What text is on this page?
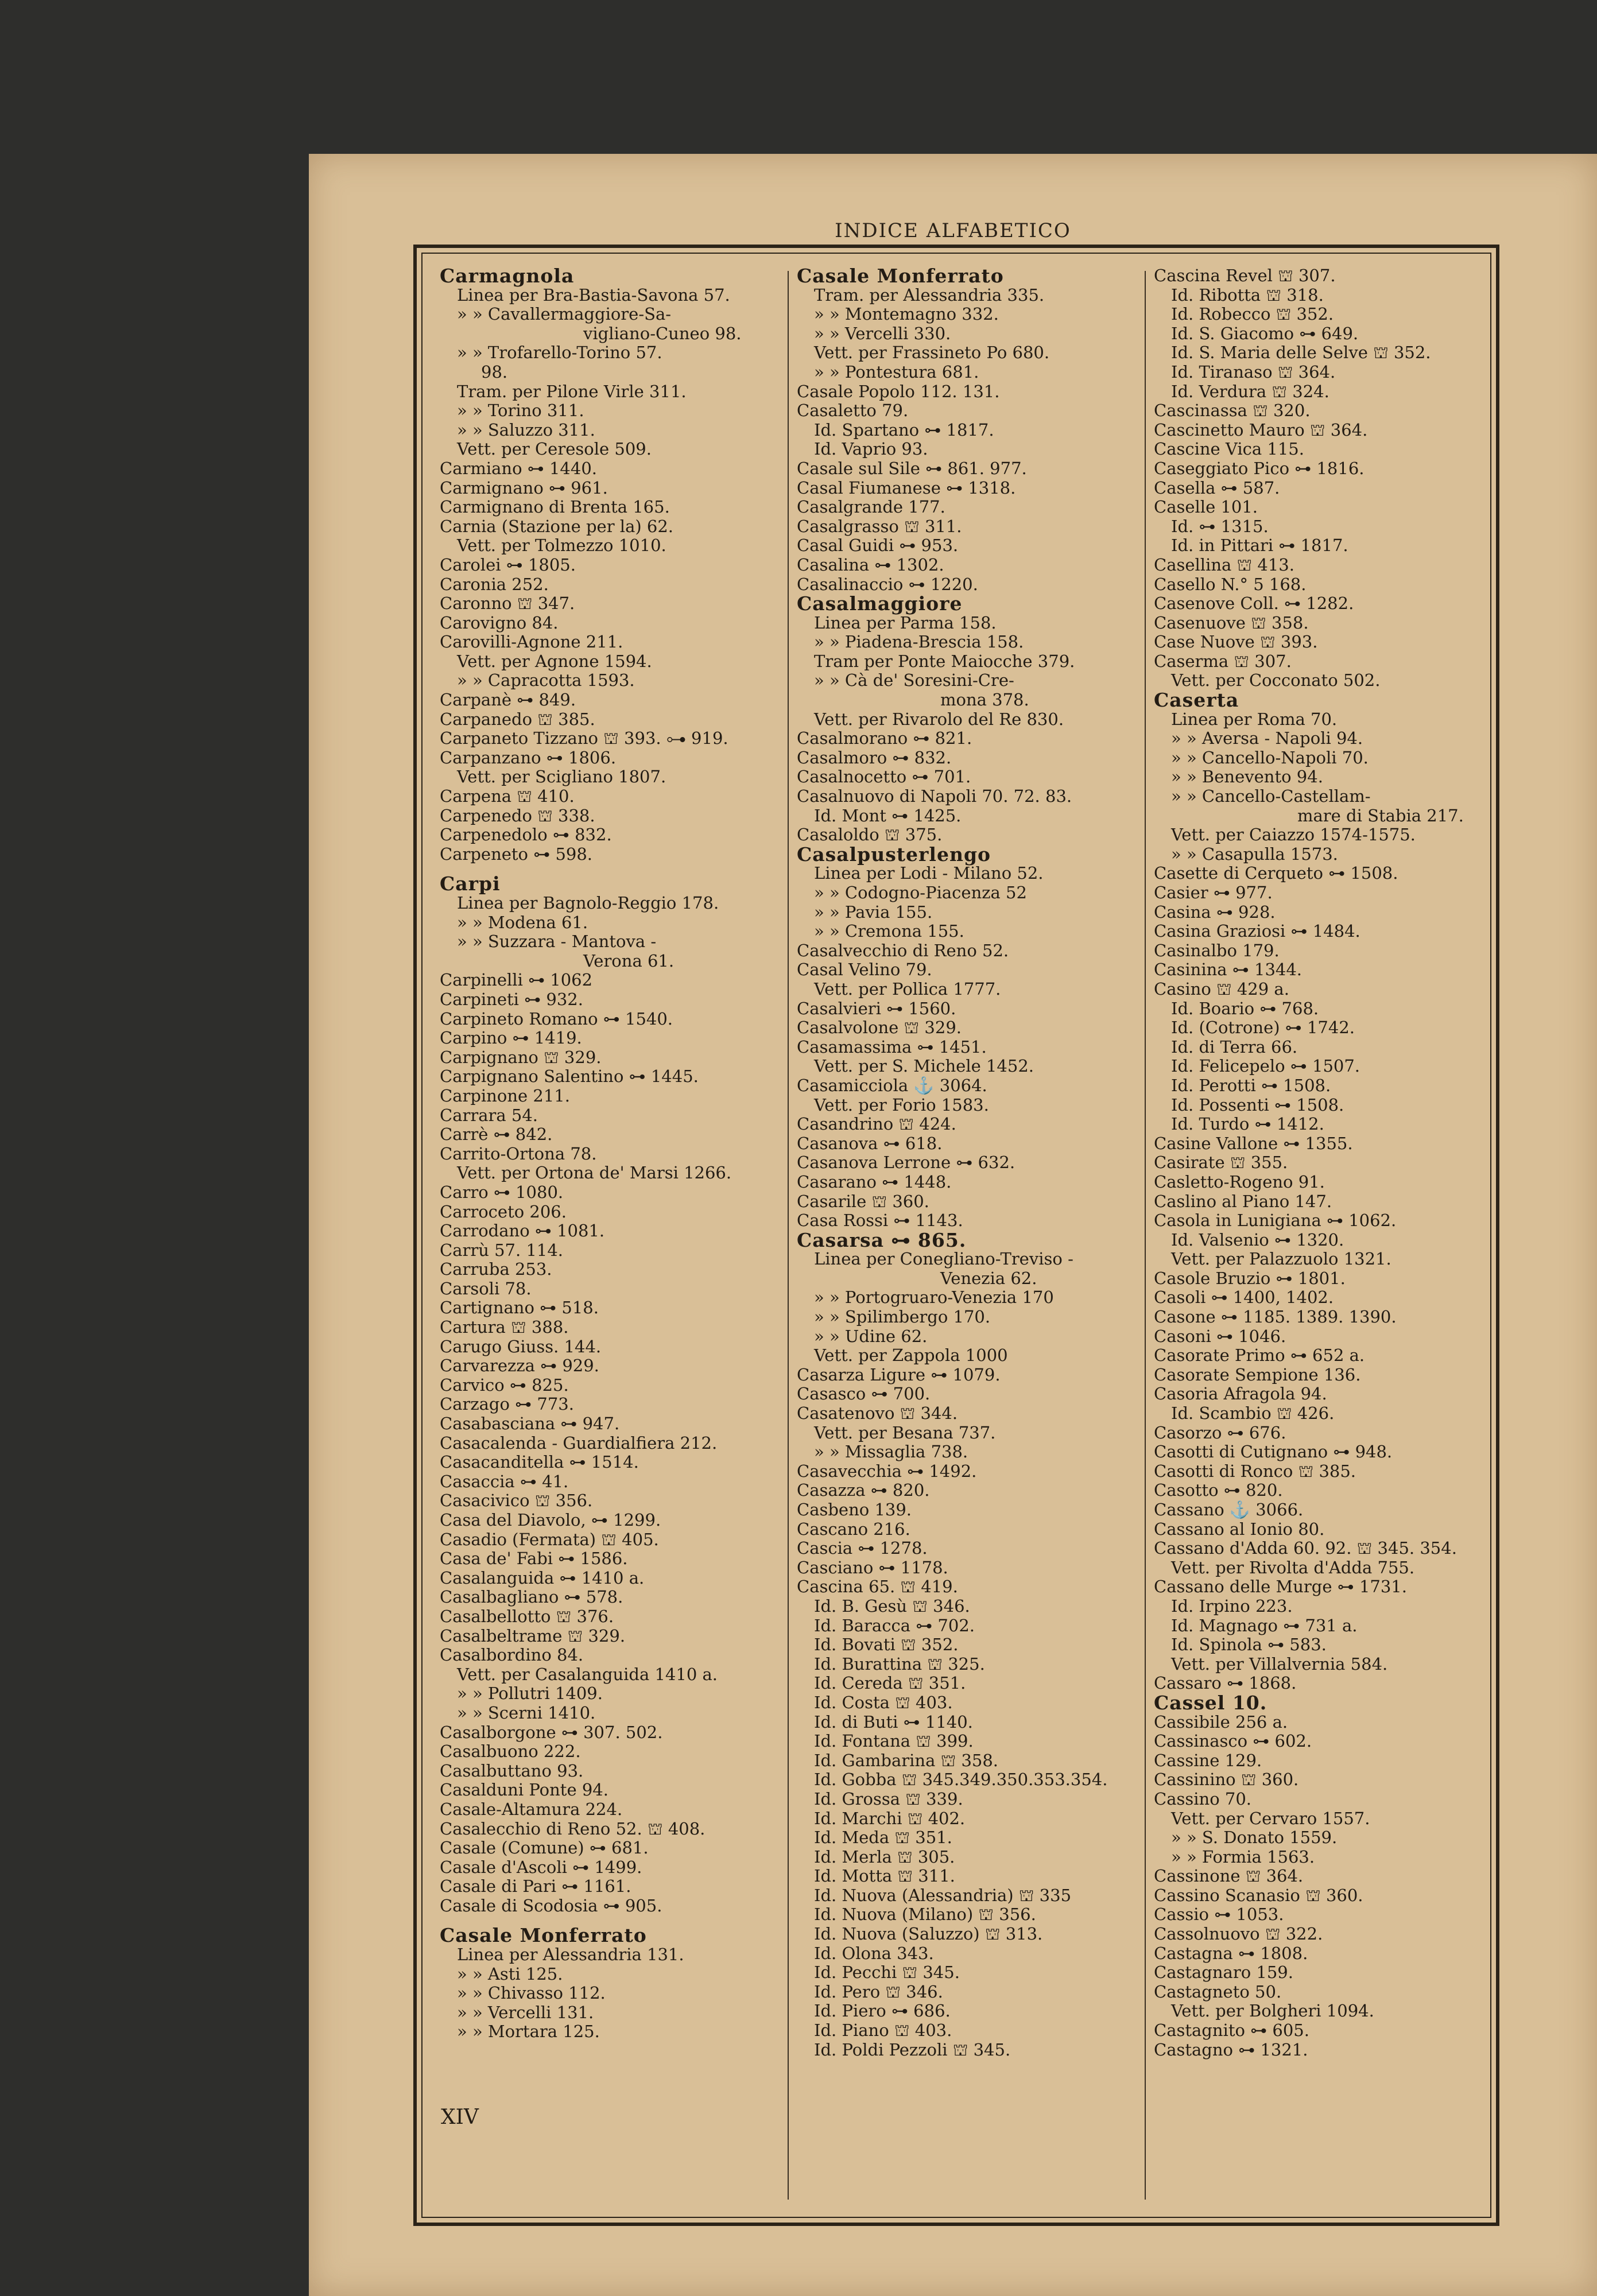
INDICE ALFABETICO
Carmagnola
Linea per Bra-Bastia-Savona 57.
» » Cavallermaggiore-Sa-
vigliano-Cuneo 98.
» » Trofarello-Torino 57.
98.
Tram. per Pilone Virle 311.
» » Torino 311.
» » Saluzzo 311.
Vett. per Ceresole 509.
Carmiano ⊶ 1440.
Carmignano ⊶ 961.
Carmignano di Brenta 165.
Carnia (Stazione per la) 62.
Vett. per Tolmezzo 1010.
Carolei ⊶ 1805.
Caronia 252.
Caronno ⛫ 347.
Carovigno 84.
Carovilli-Agnone 211.
Vett. per Agnone 1594.
» » Capracotta 1593.
Carpanè ⊶ 849.
Carpanedo ⛫ 385.
Carpaneto Tizzano ⛫ 393. ⊶ 919.
Carpanzano ⊶ 1806.
Vett. per Scigliano 1807.
Carpena ⛫ 410.
Carpenedo ⛫ 338.
Carpenedolo ⊶ 832.
Carpeneto ⊶ 598.
Carpi
Linea per Bagnolo-Reggio 178.
» » Modena 61.
» » Suzzara - Mantova -
Verona 61.
Carpinelli ⊶ 1062
Carpineti ⊶ 932.
Carpineto Romano ⊶ 1540.
Carpino ⊶ 1419.
Carpignano ⛫ 329.
Carpignano Salentino ⊶ 1445.
Carpinone 211.
Carrara 54.
Carrè ⊶ 842.
Carrito-Ortona 78.
Vett. per Ortona de' Marsi 1266.
Carro ⊶ 1080.
Carroceto 206.
Carrodano ⊶ 1081.
Carrù 57. 114.
Carruba 253.
Carsoli 78.
Cartignano ⊶ 518.
Cartura ⛫ 388.
Carugo Giuss. 144.
Carvarezza ⊶ 929.
Carvico ⊶ 825.
Carzago ⊶ 773.
Casabasciana ⊶ 947.
Casacalenda - Guardialfiera 212.
Casacanditella ⊶ 1514.
Casaccia ⊶ 41.
Casacivico ⛫ 356.
Casa del Diavolo, ⊶ 1299.
Casadio (Fermata) ⛫ 405.
Casa de' Fabi ⊶ 1586.
Casalanguida ⊶ 1410 a.
Casalbagliano ⊶ 578.
Casalbellotto ⛫ 376.
Casalbeltrame ⛫ 329.
Casalbordino 84.
Vett. per Casalanguida 1410 a.
» » Pollutri 1409.
» » Scerni 1410.
Casalborgone ⊶ 307. 502.
Casalbuono 222.
Casalbuttano 93.
Casalduni Ponte 94.
Casale-Altamura 224.
Casalecchio di Reno 52. ⛫ 408.
Casale (Comune) ⊶ 681.
Casale d'Ascoli ⊶ 1499.
Casale di Pari ⊶ 1161.
Casale di Scodosia ⊶ 905.
Casale Monferrato
Linea per Alessandria 131.
» » Asti 125.
» » Chivasso 112.
» » Vercelli 131.
» » Mortara 125.
Casale Monferrato
Tram. per Alessandria 335.
» » Montemagno 332.
» » Vercelli 330.
Vett. per Frassineto Po 680.
» » Pontestura 681.
Casale Popolo 112. 131.
Casaletto 79.
Id. Spartano ⊶ 1817.
Id. Vaprio 93.
Casale sul Sile ⊶ 861. 977.
Casal Fiumanese ⊶ 1318.
Casalgrande 177.
Casalgrasso ⛫ 311.
Casal Guidi ⊶ 953.
Casalina ⊶ 1302.
Casalinaccio ⊶ 1220.
Casalmaggiore
Linea per Parma 158.
» » Piadena-Brescia 158.
Tram per Ponte Maiocche 379.
» » Cà de' Soresini-Cre-
mona 378.
Vett. per Rivarolo del Re 830.
Casalmorano ⊶ 821.
Casalmoro ⊶ 832.
Casalnocetto ⊶ 701.
Casalnuovo di Napoli 70. 72. 83.
Id. Mont ⊶ 1425.
Casaloldo ⛫ 375.
Casalpusterlengo
Linea per Lodi - Milano 52.
» » Codogno-Piacenza 52
» » Pavia 155.
» » Cremona 155.
Casalvecchio di Reno 52.
Casal Velino 79.
Vett. per Pollica 1777.
Casalvieri ⊶ 1560.
Casalvolone ⛫ 329.
Casamassima ⊶ 1451.
Vett. per S. Michele 1452.
Casamicciola ⚓ 3064.
Vett. per Forio 1583.
Casandrino ⛫ 424.
Casanova ⊶ 618.
Casanova Lerrone ⊶ 632.
Casarano ⊶ 1448.
Casarile ⛫ 360.
Casa Rossi ⊶ 1143.
Casarsa ⊶ 865.
Linea per Conegliano-Treviso -
Venezia 62.
» » Portogruaro-Venezia 170
» » Spilimbergo 170.
» » Udine 62.
Vett. per Zappola 1000
Casarza Ligure ⊶ 1079.
Casasco ⊶ 700.
Casatenovo ⛫ 344.
Vett. per Besana 737.
» » Missaglia 738.
Casavecchia ⊶ 1492.
Casazza ⊶ 820.
Casbeno 139.
Cascano 216.
Cascia ⊶ 1278.
Casciano ⊶ 1178.
Cascina 65. ⛫ 419.
Id. B. Gesù ⛫ 346.
Id. Baracca ⊶ 702.
Id. Bovati ⛫ 352.
Id. Burattina ⛫ 325.
Id. Cereda ⛫ 351.
Id. Costa ⛫ 403.
Id. di Buti ⊶ 1140.
Id. Fontana ⛫ 399.
Id. Gambarina ⛫ 358.
Id. Gobba ⛫ 345.349.350.353.354.
Id. Grossa ⛫ 339.
Id. Marchi ⛫ 402.
Id. Meda ⛫ 351.
Id. Merla ⛫ 305.
Id. Motta ⛫ 311.
Id. Nuova (Alessandria) ⛫ 335
Id. Nuova (Milano) ⛫ 356.
Id. Nuova (Saluzzo) ⛫ 313.
Id. Olona 343.
Id. Pecchi ⛫ 345.
Id. Pero ⛫ 346.
Id. Piero ⊶ 686.
Id. Piano ⛫ 403.
Id. Poldi Pezzoli ⛫ 345.
Cascina Revel ⛫ 307.
Id. Ribotta ⛫ 318.
Id. Robecco ⛫ 352.
Id. S. Giacomo ⊶ 649.
Id. S. Maria delle Selve ⛫ 352.
Id. Tiranaso ⛫ 364.
Id. Verdura ⛫ 324.
Cascinassa ⛫ 320.
Cascinetto Mauro ⛫ 364.
Cascine Vica 115.
Caseggiato Pico ⊶ 1816.
Casella ⊶ 587.
Caselle 101.
Id. ⊶ 1315.
Id. in Pittari ⊶ 1817.
Casellina ⛫ 413.
Casello N.° 5 168.
Casenove Coll. ⊶ 1282.
Casenuove ⛫ 358.
Case Nuove ⛫ 393.
Caserma ⛫ 307.
Vett. per Cocconato 502.
Caserta
Linea per Roma 70.
» » Aversa - Napoli 94.
» » Cancello-Napoli 70.
» » Benevento 94.
» » Cancello-Castellam-
mare di Stabia 217.
Vett. per Caiazzo 1574-1575.
» » Casapulla 1573.
Casette di Cerqueto ⊶ 1508.
Casier ⊶ 977.
Casina ⊶ 928.
Casina Graziosi ⊶ 1484.
Casinalbo 179.
Casinina ⊶ 1344.
Casino ⛫ 429 a.
Id. Boario ⊶ 768.
Id. (Cotrone) ⊶ 1742.
Id. di Terra 66.
Id. Felicepelo ⊶ 1507.
Id. Perotti ⊶ 1508.
Id. Possenti ⊶ 1508.
Id. Turdo ⊶ 1412.
Casine Vallone ⊶ 1355.
Casirate ⛫ 355.
Casletto-Rogeno 91.
Caslino al Piano 147.
Casola in Lunigiana ⊶ 1062.
Id. Valsenio ⊶ 1320.
Vett. per Palazzuolo 1321.
Casole Bruzio ⊶ 1801.
Casoli ⊶ 1400, 1402.
Casone ⊶ 1185. 1389. 1390.
Casoni ⊶ 1046.
Casorate Primo ⊶ 652 a.
Casorate Sempione 136.
Casoria Afragola 94.
Id. Scambio ⛫ 426.
Casorzo ⊶ 676.
Casotti di Cutignano ⊶ 948.
Casotti di Ronco ⛫ 385.
Casotto ⊶ 820.
Cassano ⚓ 3066.
Cassano al Ionio 80.
Cassano d'Adda 60. 92. ⛫ 345. 354.
Vett. per Rivolta d'Adda 755.
Cassano delle Murge ⊶ 1731.
Id. Irpino 223.
Id. Magnago ⊶ 731 a.
Id. Spinola ⊶ 583.
Vett. per Villalvernia 584.
Cassaro ⊶ 1868.
Cassel 10.
Cassibile 256 a.
Cassinasco ⊶ 602.
Cassine 129.
Cassinino ⛫ 360.
Cassino 70.
Vett. per Cervaro 1557.
» » S. Donato 1559.
» » Formia 1563.
Cassinone ⛫ 364.
Cassino Scanasio ⛫ 360.
Cassio ⊶ 1053.
Cassolnuovo ⛫ 322.
Castagna ⊶ 1808.
Castagnaro 159.
Castagneto 50.
Vett. per Bolgheri 1094.
Castagnito ⊶ 605.
Castagno ⊶ 1321.
XIV
